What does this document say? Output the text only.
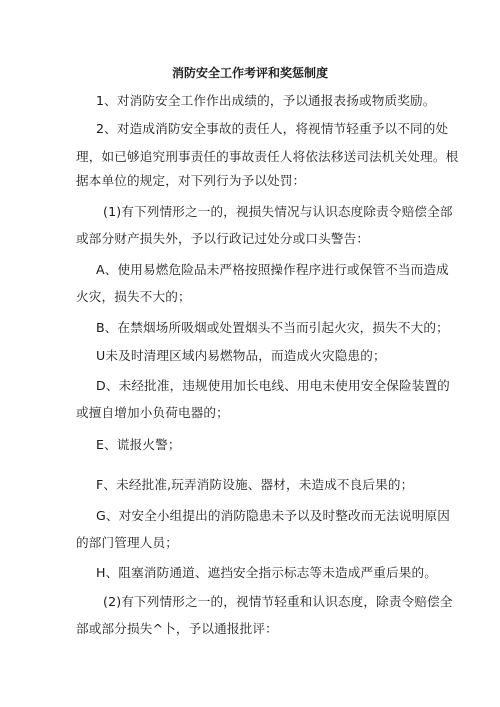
消防安全工作考评和奖惩制度
1、对消防安全工作作出成绩的，予以通报表扬或物质奖励。
2、对造成消防安全事故的责任人，将视情节轻重予以不同的处
理，如已够追究刑事责任的事故责任人将依法移送司法机关处理。根
据本单位的规定，对下列行为予以处罚：
(1)有下列情形之一的，视损失情况与认识态度除责令赔偿全部
或部分财产损失外，予以行政记过处分或口头警告：
A、使用易燃危险品未严格按照操作程序进行或保管不当而造成
火灾，损失不大的；
B、在禁烟场所吸烟或处置烟头不当而引起火灾，损失不大的；
U未及时清理区域内易燃物品，而造成火灾隐患的；
D、未经批准，违规使用加长电线、用电未使用安全保险装置的
或擅自增加小负荷电器的；
E、谎报火警；
F、未经批准,玩弄消防设施、器材，未造成不良后果的；
G、对安全小组提出的消防隐患未予以及时整改而无法说明原因
的部门管理人员；
H、阻塞消防通道、遮挡安全指示标志等未造成严重后果的。
(2)有下列情形之一的，视情节轻重和认识态度，除责令赔偿全
部或部分损失^卜，予以通报批评：
